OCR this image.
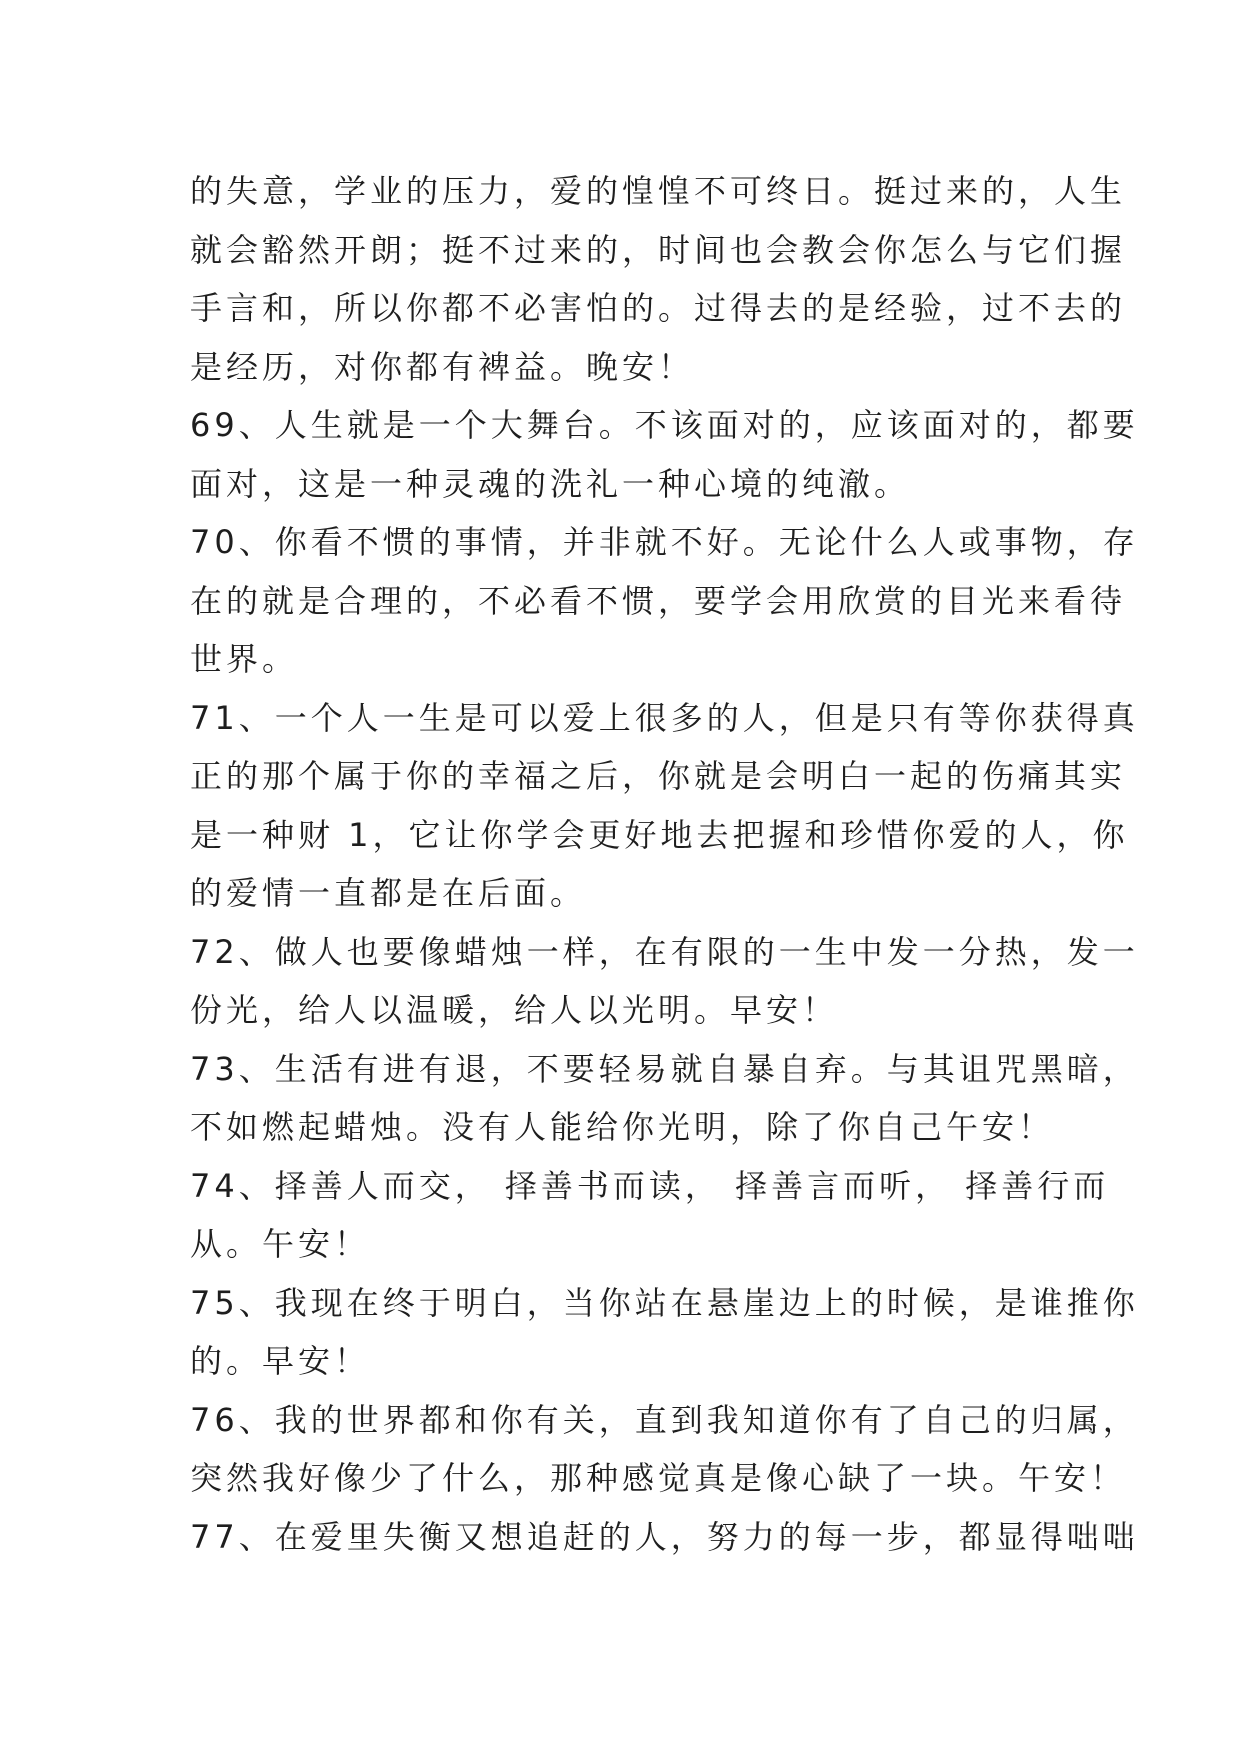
的失意，学业的压力，爱的惶惶不可终日。挺过来的，人生
就会豁然开朗；挺不过来的，时间也会教会你怎么与它们握
手言和，所以你都不必害怕的。过得去的是经验，过不去的
是经历，对你都有裨益。晚安！
69、人生就是一个大舞台。不该面对的，应该面对的，都要
面对，这是一种灵魂的洗礼一种心境的纯澈。
70、你看不惯的事情，并非就不好。无论什么人或事物，存
在的就是合理的，不必看不惯，要学会用欣赏的目光来看待
世界。
71、一个人一生是可以爱上很多的人，但是只有等你获得真
正的那个属于你的幸福之后，你就是会明白一起的伤痛其实
是一种财 1，它让你学会更好地去把握和珍惜你爱的人，你
的爱情一直都是在后面。
72、做人也要像蜡烛一样，在有限的一生中发一分热，发一
份光，给人以温暖，给人以光明。早安！
73、生活有进有退，不要轻易就自暴自弃。与其诅咒黑暗，
不如燃起蜡烛。没有人能给你光明，除了你自己午安！
74、择善人而交， 择善书而读， 择善言而听， 择善行而
从。午安！
75、我现在终于明白，当你站在悬崖边上的时候，是谁推你
的。早安！
76、我的世界都和你有关，直到我知道你有了自己的归属，
突然我好像少了什么，那种感觉真是像心缺了一块。午安！
77、在爱里失衡又想追赶的人，努力的每一步，都显得咄咄
